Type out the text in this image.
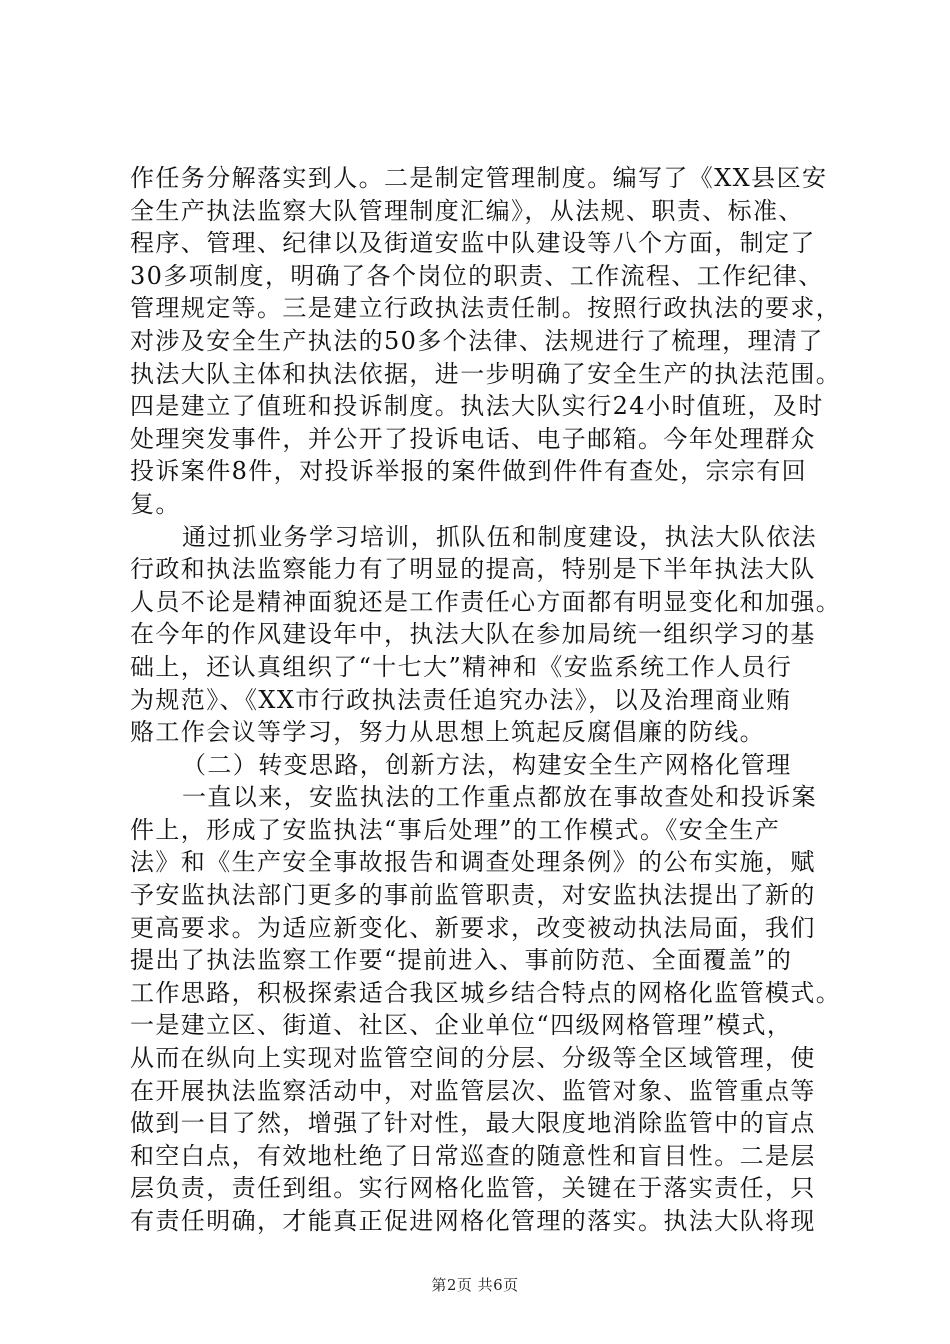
作任务分解落实到人。二是制定管理制度。编写了《XX县区安
全生产执法监察大队管理制度汇编》，从法规、职责、标准、
程序、管理、纪律以及街道安监中队建设等八个方面，制定了
30多项制度，明确了各个岗位的职责、工作流程、工作纪律、
管理规定等。三是建立行政执法责任制。按照行政执法的要求，
对涉及安全生产执法的50多个法律、法规进行了梳理，理清了
执法大队主体和执法依据，进一步明确了安全生产的执法范围。
四是建立了值班和投诉制度。执法大队实行24小时值班，及时
处理突发事件，并公开了投诉电话、电子邮箱。今年处理群众
投诉案件8件，对投诉举报的案件做到件件有查处，宗宗有回
复。
通过抓业务学习培训，抓队伍和制度建设，执法大队依法
行政和执法监察能力有了明显的提高，特别是下半年执法大队
人员不论是精神面貌还是工作责任心方面都有明显变化和加强。
在今年的作风建设年中，执法大队在参加局统一组织学习的基
础上，还认真组织了“十七大”精神和《安监系统工作人员行
为规范》、《XX市行政执法责任追究办法》，以及治理商业贿
赂工作会议等学习，努力从思想上筑起反腐倡廉的防线。
（二）转变思路，创新方法，构建安全生产网格化管理
一直以来，安监执法的工作重点都放在事故查处和投诉案
件上，形成了安监执法“事后处理”的工作模式。《安全生产
法》和《生产安全事故报告和调查处理条例》的公布实施，赋
予安监执法部门更多的事前监管职责，对安监执法提出了新的
更高要求。为适应新变化、新要求，改变被动执法局面，我们
提出了执法监察工作要“提前进入、事前防范、全面覆盖”的
工作思路，积极探索适合我区城乡结合特点的网格化监管模式。
一是建立区、街道、社区、企业单位“四级网格管理”模式，
从而在纵向上实现对监管空间的分层、分级等全区域管理，使
在开展执法监察活动中，对监管层次、监管对象、监管重点等
做到一目了然，增强了针对性，最大限度地消除监管中的盲点
和空白点，有效地杜绝了日常巡查的随意性和盲目性。二是层
层负责，责任到组。实行网格化监管，关键在于落实责任，只
有责任明确，才能真正促进网格化管理的落实。执法大队将现
第2页 共6页
